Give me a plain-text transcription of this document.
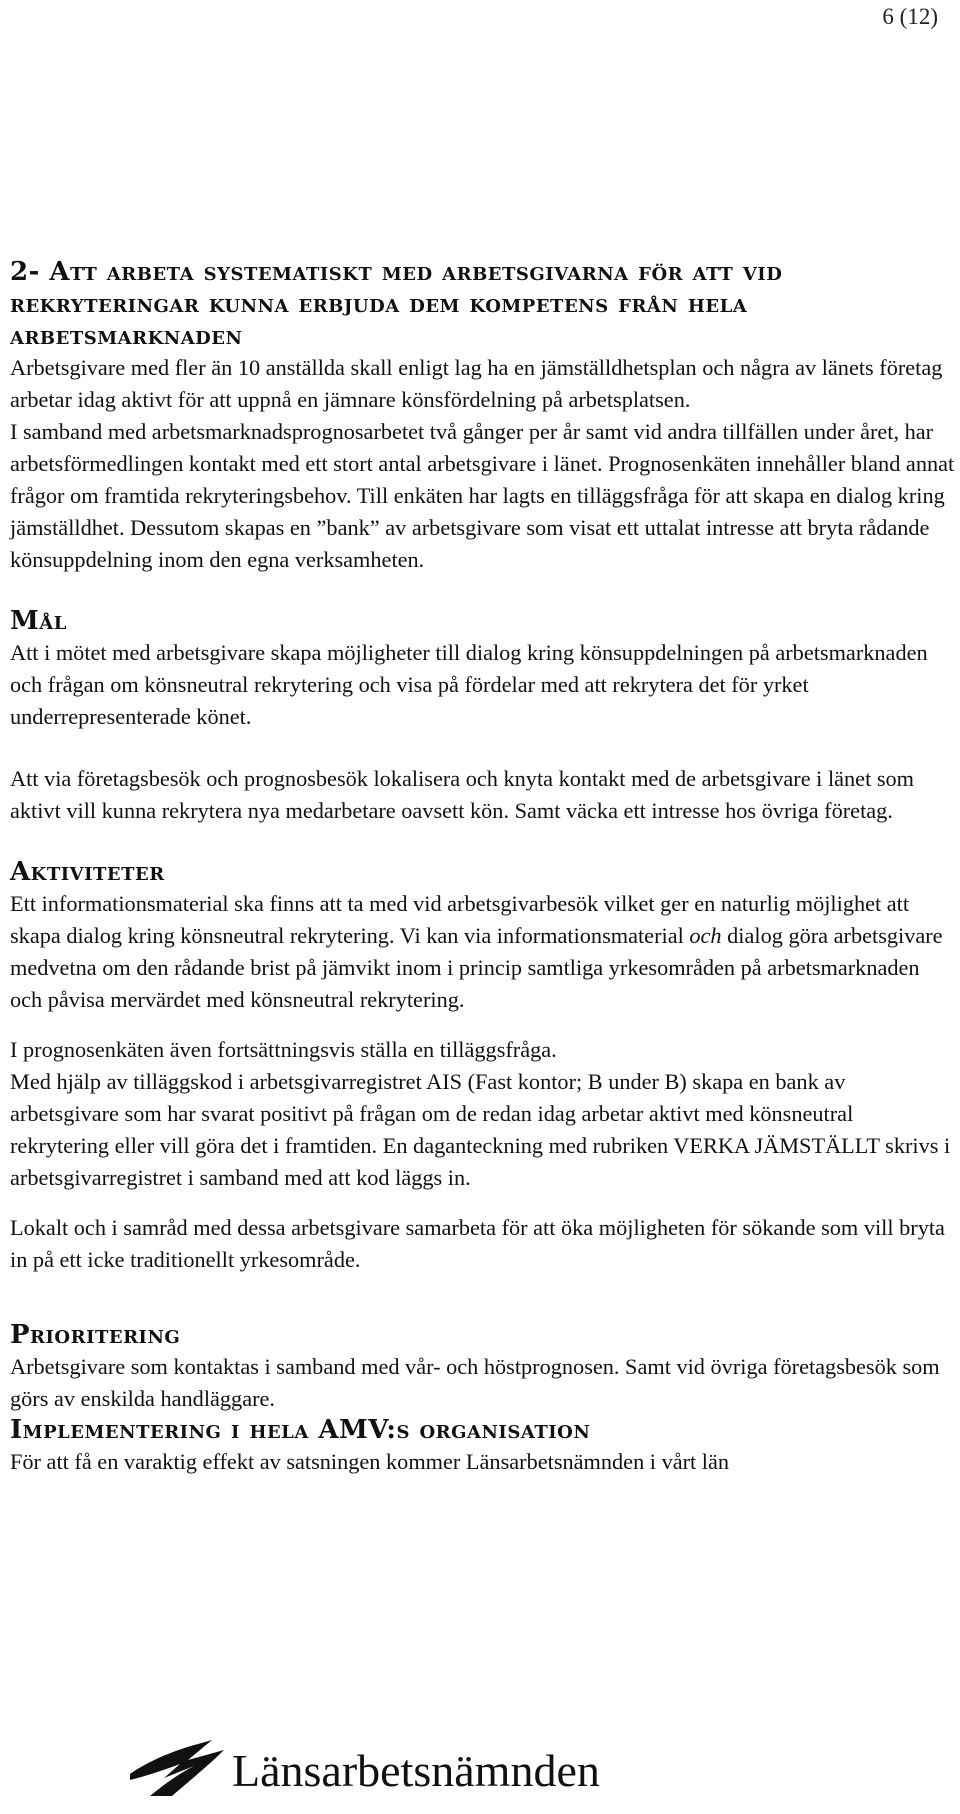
6 (12)
2- Att arbeta systematiskt med arbetsgivarna för att vid rekryteringar kunna erbjuda dem kompetens från hela arbetsmarknaden

Arbetsgivare med fler än 10 anställda skall enligt lag ha en jämställdhetsplan och några av länets företag arbetar idag aktivt för att uppnå en jämnare könsfördelning på arbetsplatsen.

I samband med arbetsmarknadsprognosarbetet två gånger per år samt vid andra tillfällen under året, har arbetsförmedlingen kontakt med ett stort antal arbetsgivare i länet. Prognosenkäten innehåller bland annat frågor om framtida rekryteringsbehov. Till enkäten har lagts en tilläggsfråga för att skapa en dialog kring jämställdhet. Dessutom skapas en ”bank” av arbetsgivare som visat ett uttalat intresse att bryta rådande könsuppdelning inom den egna verksamheten.

Mål

Att i mötet med arbetsgivare skapa möjligheter till dialog kring könsuppdelningen på arbetsmarknaden och frågan om könsneutral rekrytering och visa på fördelar med att rekrytera det för yrket underrepresenterade könet.

Att via företagsbesök och prognosbesök lokalisera och knyta kontakt med de arbetsgivare i länet som aktivt vill kunna rekrytera nya medarbetare oavsett kön. Samt väcka ett intresse hos övriga företag.

Aktiviteter

Ett informationsmaterial ska finns att ta med vid arbetsgivarbesök vilket ger en naturlig möjlighet att skapa dialog kring könsneutral rekrytering. Vi kan via informationsmaterial och dialog göra arbetsgivare medvetna om den rådande brist på jämvikt inom i princip samtliga yrkesområden på arbetsmarknaden och påvisa mervärdet med könsneutral rekrytering.

I prognosenkäten även fortsättningsvis ställa en tilläggsfråga.

Med hjälp av tilläggskod i arbetsgivarregistret AIS (Fast kontor; B under B) skapa en bank av arbetsgivare som har svarat positivt på frågan om de redan idag arbetar aktivt med könsneutral rekrytering eller vill göra det i framtiden. En daganteckning med rubriken VERKA JÄMSTÄLLT skrivs i arbetsgivarregistret i samband med att kod läggs in.

Lokalt och i samråd med dessa arbetsgivare samarbeta för att öka möjligheten för sökande som vill bryta in på ett icke traditionellt yrkesområde.

Prioritering

Arbetsgivare som kontaktas i samband med vår- och höstprognosen. Samt vid övriga företagsbesök som görs av enskilda handläggare.

Implementering i hela AMV:s organisation

För att få en varaktig effekt av satsningen kommer Länsarbetsnämnden i vårt län

Länsarbetsnämnden
